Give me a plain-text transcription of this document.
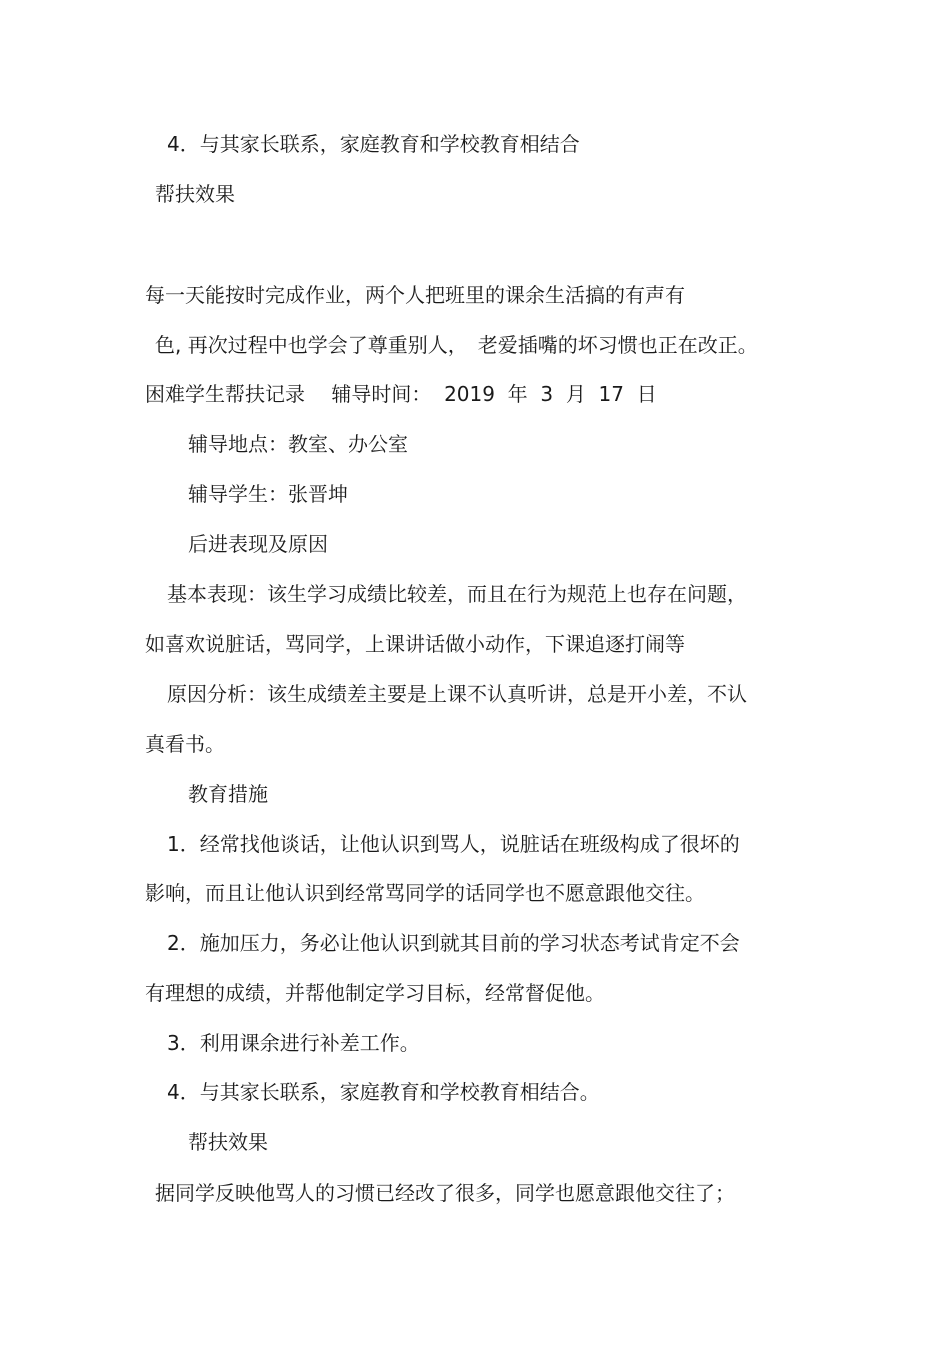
4．与其家长联系，家庭教育和学校教育相结合
帮扶效果
每一天能按时完成作业，两个人把班里的课余生活搞的有声有
色, 再次过程中也学会了尊重别人，　老爱插嘴的坏习惯也正在改正。
困难学生帮扶记录　 辅导时间：  2019  年  3  月  17  日
辅导地点：教室、办公室
辅导学生：张晋坤
后进表现及原因
基本表现：该生学习成绩比较差，而且在行为规范上也存在问题，
如喜欢说脏话，骂同学，上课讲话做小动作，下课追逐打闹等
原因分析：该生成绩差主要是上课不认真听讲，总是开小差，不认
真看书。
教育措施
1．经常找他谈话，让他认识到骂人，说脏话在班级构成了很坏的
影响，而且让他认识到经常骂同学的话同学也不愿意跟他交往。
2．施加压力，务必让他认识到就其目前的学习状态考试肯定不会
有理想的成绩，并帮他制定学习目标，经常督促他。
3．利用课余进行补差工作。
4．与其家长联系，家庭教育和学校教育相结合。
帮扶效果
据同学反映他骂人的习惯已经改了很多，同学也愿意跟他交往了；
